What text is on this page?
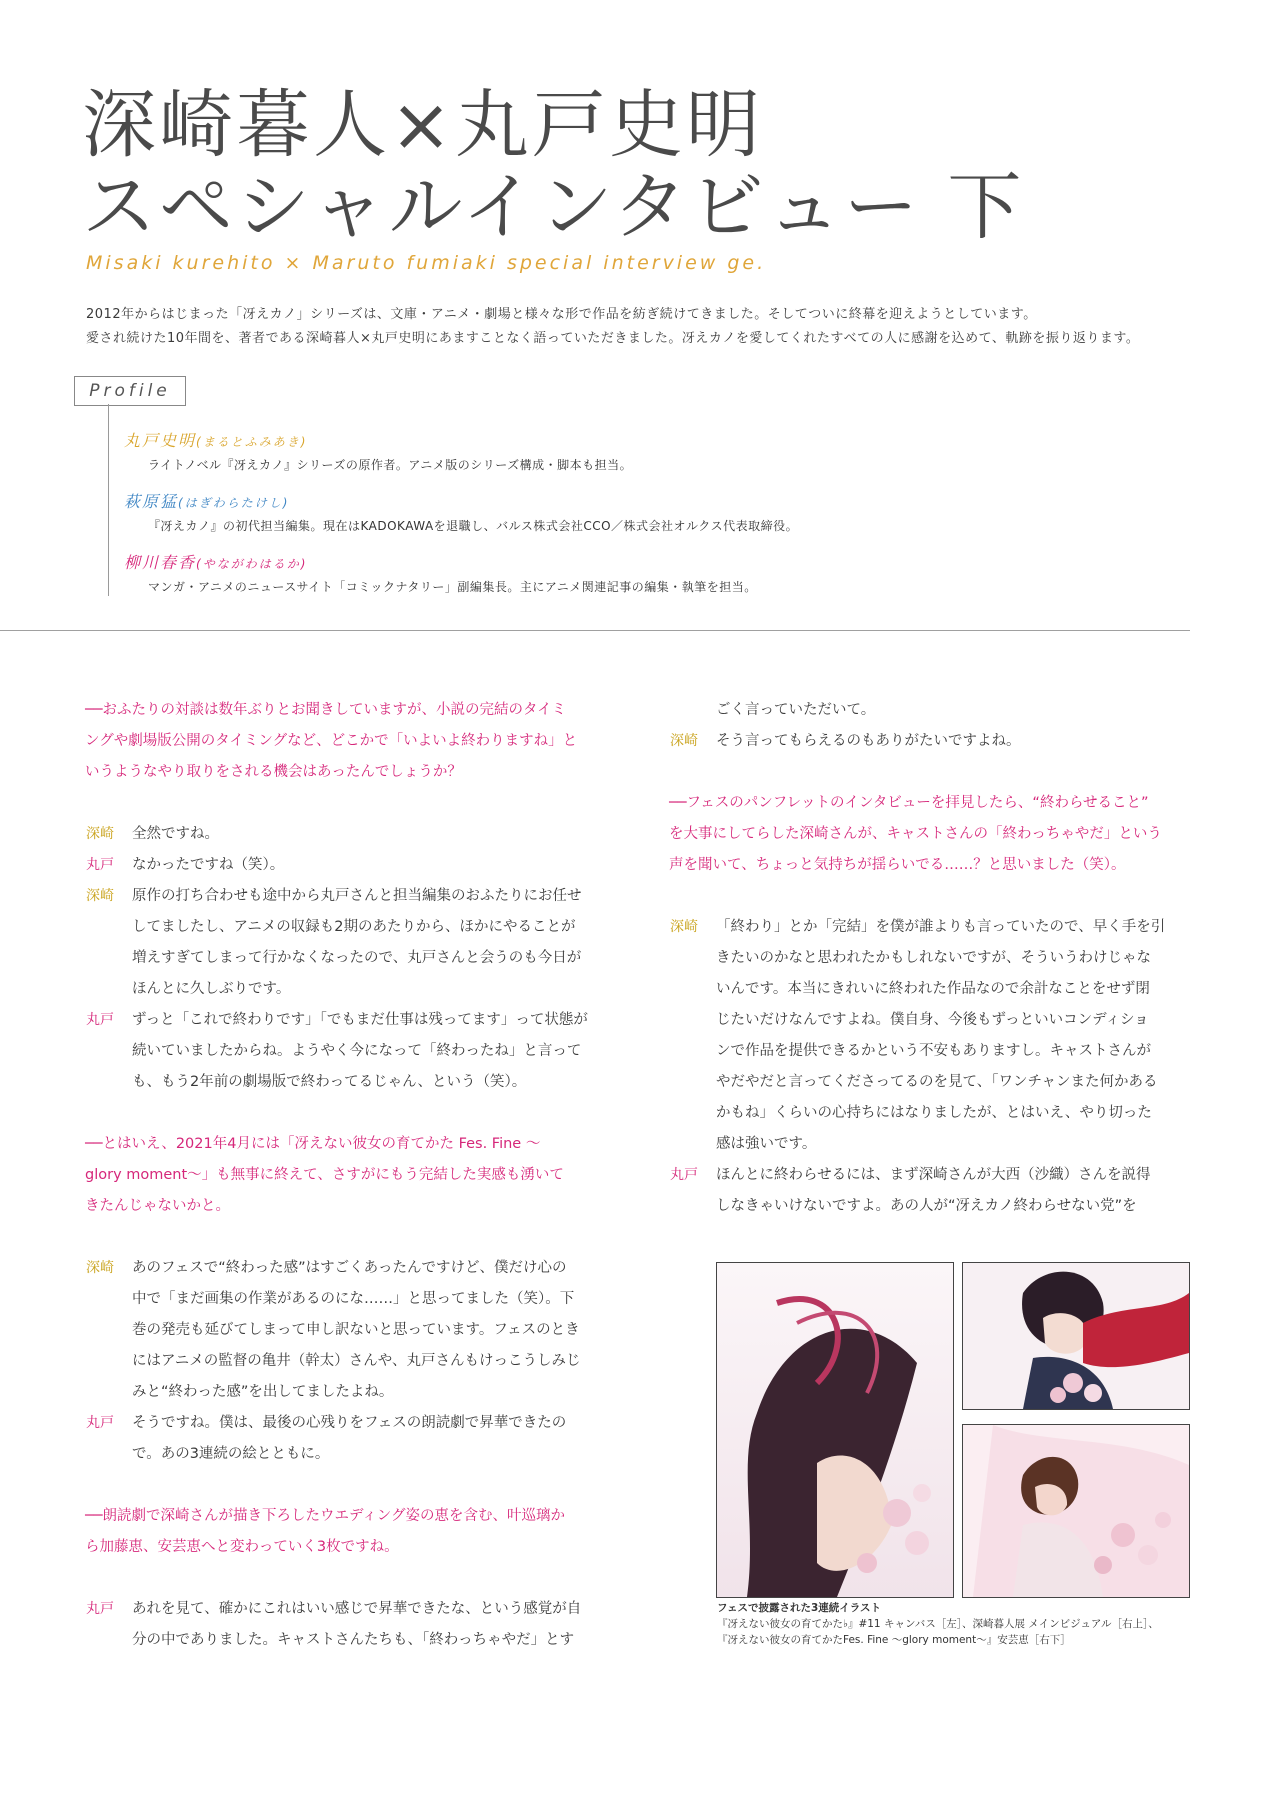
深崎暮人×丸戸史明
スペシャルインタビュー 下
Misaki kurehito × Maruto fumiaki special interview ge.
2012年からはじまった「冴えカノ」シリーズは、文庫・アニメ・劇場と様々な形で作品を紡ぎ続けてきました。そしてついに終幕を迎えようとしています。
愛され続けた10年間を、著者である深崎暮人×丸戸史明にあますことなく語っていただきました。冴えカノを愛してくれたすべての人に感謝を込めて、軌跡を振り返ります。
Profile
丸戸史明(まるとふみあき)
ライトノベル『冴えカノ』シリーズの原作者。アニメ版のシリーズ構成・脚本も担当。
萩原猛(はぎわらたけし)
『冴えカノ』の初代担当編集。現在はKADOKAWAを退職し、バルス株式会社CCO／株式会社オルクス代表取締役。
柳川春香(やながわはるか)
マンガ・アニメのニュースサイト「コミックナタリー」副編集長。主にアニメ関連記事の編集・執筆を担当。
──おふたりの対談は数年ぶりとお聞きしていますが、小説の完結のタイミ
ングや劇場版公開のタイミングなど、どこかで「いよいよ終わりますね」と
いうようなやり取りをされる機会はあったんでしょうか？
深崎 全然ですね。
丸戸 なかったですね（笑）。
深崎 原作の打ち合わせも途中から丸戸さんと担当編集のおふたりにお任せ
してましたし、アニメの収録も2期のあたりから、ほかにやることが
増えすぎてしまって行かなくなったので、丸戸さんと会うのも今日が
ほんとに久しぶりです。
丸戸 ずっと「これで終わりです」「でもまだ仕事は残ってます」って状態が
続いていましたからね。ようやく今になって「終わったね」と言って
も、もう2年前の劇場版で終わってるじゃん、という（笑）。
──とはいえ、2021年4月には「冴えない彼女の育てかた Fes. Fine ～
glory moment～」も無事に終えて、さすがにもう完結した実感も湧いて
きたんじゃないかと。
深崎 あのフェスで“終わった感”はすごくあったんですけど、僕だけ心の
中で「まだ画集の作業があるのにな……」と思ってました（笑）。下
巻の発売も延びてしまって申し訳ないと思っています。フェスのとき
にはアニメの監督の亀井（幹太）さんや、丸戸さんもけっこうしみじ
みと“終わった感”を出してましたよね。
丸戸 そうですね。僕は、最後の心残りをフェスの朗読劇で昇華できたの
で。あの3連続の絵とともに。
──朗読劇で深崎さんが描き下ろしたウエディング姿の恵を含む、叶巡璃か
ら加藤恵、安芸恵へと変わっていく3枚ですね。
丸戸 あれを見て、確かにこれはいい感じで昇華できたな、という感覚が自
分の中でありました。キャストさんたちも、「終わっちゃやだ」とす
ごく言っていただいて。
深崎 そう言ってもらえるのもありがたいですよね。
──フェスのパンフレットのインタビューを拝見したら、“終わらせること”
を大事にしてらした深崎さんが、キャストさんの「終わっちゃやだ」という
声を聞いて、ちょっと気持ちが揺らいでる……？と思いました（笑）。
深崎 「終わり」とか「完結」を僕が誰よりも言っていたので、早く手を引
きたいのかなと思われたかもしれないですが、そういうわけじゃな
いんです。本当にきれいに終われた作品なので余計なことをせず閉
じたいだけなんですよね。僕自身、今後もずっといいコンディショ
ンで作品を提供できるかという不安もありますし。キャストさんが
やだやだと言ってくださってるのを見て、「ワンチャンまた何かある
かもね」くらいの心持ちにはなりましたが、とはいえ、やり切った
感は強いです。
丸戸 ほんとに終わらせるには、まず深崎さんが大西（沙織）さんを説得
しなきゃいけないですよ。あの人が“冴えカノ終わらせない党”を
フェスで披露された3連続イラスト
『冴えない彼女の育てかた♭』#11 キャンバス［左］、深崎暮人展 メインビジュアル［右上］、
『冴えない彼女の育てかたFes. Fine ～glory moment～』安芸恵［右下］
